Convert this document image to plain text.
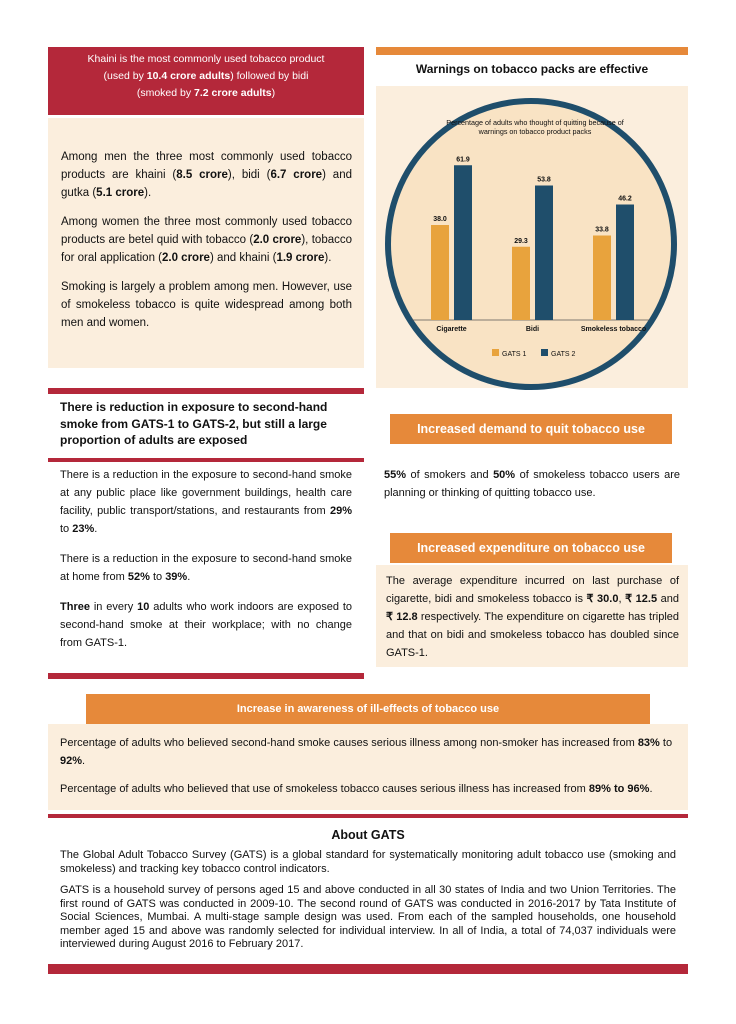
Khaini is the most commonly used tobacco product
(used by 10.4 crore adults) followed by bidi
(smoked by 7.2 crore adults)

Among men the three most commonly used tobacco products are khaini (8.5 crore), bidi (6.7 crore) and gutka (5.1 crore).

Among women the three most commonly used tobacco products are betel quid with tobacco (2.0 crore), tobacco for oral application (2.0 crore) and khaini (1.9 crore).

Smoking is largely a problem among men. However, use of smokeless tobacco is quite widespread among both men and women.

Warnings on tobacco packs are effective
Percentage of adults who thought of quitting because of warnings on tobacco product packs
38.0
61.9
Cigarette
29.3
53.8
Bidi
33.8
46.2
Smokeless tobacco
GATS 1	GATS 2
There is reduction in exposure to second-hand smoke from GATS-1 to GATS-2, but still a large proportion of adults are exposed

There is a reduction in the exposure to second-hand smoke at any public place like government buildings, health care facility, public transport/stations, and restaurants from 29% to 23%.

There is a reduction in the exposure to second-hand smoke at home from 52% to 39%.

Three in every 10 adults who work indoors are exposed to second-hand smoke at their workplace; with no change from GATS-1.

Increased demand to quit tobacco use
55% of smokers and 50% of smokeless tobacco users are planning or thinking of quitting tobacco use.
Increased expenditure on tobacco use
The average expenditure incurred on last purchase of cigarette, bidi and smokeless tobacco is ₹ 30.0, ₹ 12.5 and ₹ 12.8 respectively. The expenditure on cigarette has tripled and that on bidi and smokeless tobacco has doubled since GATS-1.
Increase in awareness of ill-effects of tobacco use

Percentage of adults who believed second-hand smoke causes serious illness among non-smoker has increased from 83% to 92%.

Percentage of adults who believed that use of smokeless tobacco causes serious illness has increased from 89% to 96%.

About GATS

The Global Adult Tobacco Survey (GATS) is a global standard for systematically monitoring adult tobacco use (smoking and smokeless) and tracking key tobacco control indicators.

GATS is a household survey of persons aged 15 and above conducted in all 30 states of India and two Union Territories. The first round of GATS was conducted in 2009-10. The second round of GATS was conducted in 2016-2017 by Tata Institute of Social Sciences, Mumbai. A multi-stage sample design was used. From each of the sampled households, one household member aged 15 and above was randomly selected for individual interview. In all of India, a total of 74,037 individuals were interviewed during August 2016 to February 2017.
